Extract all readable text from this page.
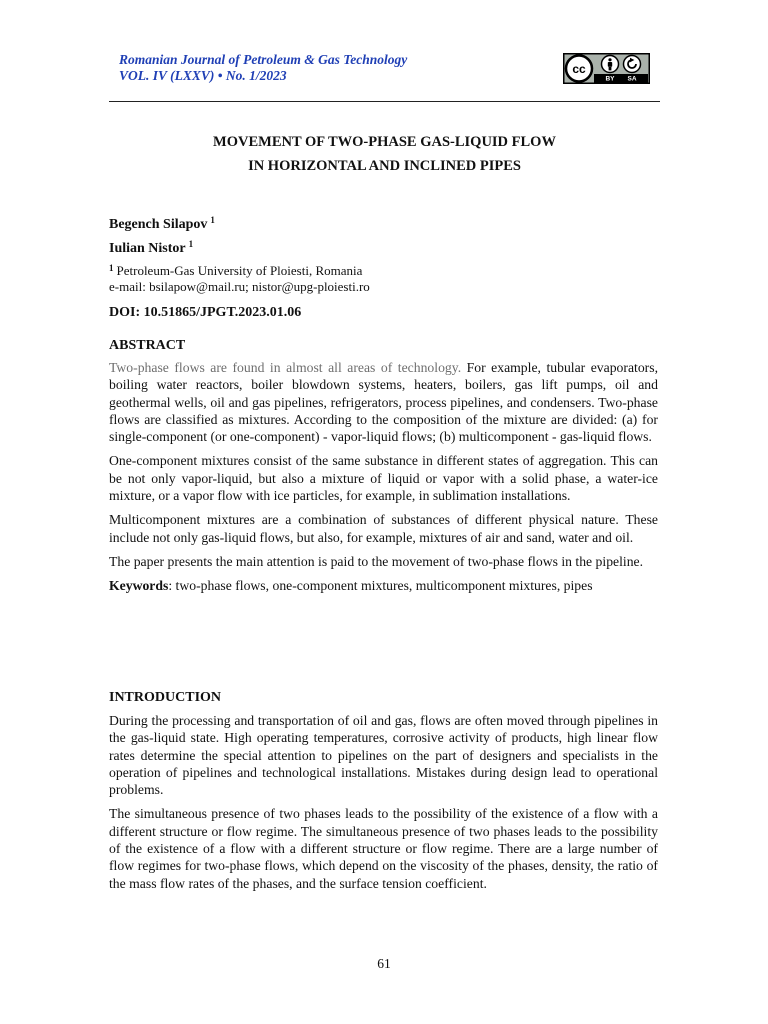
Romanian Journal of Petroleum & Gas Technology
VOL. IV (LXXV) • No. 1/2023	cc
BY SA
MOVEMENT OF TWO-PHASE GAS-LIQUID FLOW
IN HORIZONTAL AND INCLINED PIPES
Begench Silapov $^1$
Iulian Nistor $^1$
$^1$ Petroleum-Gas University of Ploiesti, Romania
e-mail: bsilapow@mail.ru; nistor@upg-ploiesti.ro
DOI: 10.51865/JPGT.2023.01.06
ABSTRACT

Two-phase flows are found in almost all areas of technology. For example, tubular evaporators, boiling water reactors, boiler blowdown systems, heaters, boilers, gas lift pumps, oil and geothermal wells, oil and gas pipelines, refrigerators, process pipelines, and condensers. Two-phase flows are classified as mixtures. According to the composition of the mixture are divided: (a) for single-component (or one-component) - vapor-liquid flows; (b) multicomponent - gas-liquid flows.

One-component mixtures consist of the same substance in different states of aggregation. This can be not only vapor-liquid, but also a mixture of liquid or vapor with a solid phase, a water-ice mixture, or a vapor flow with ice particles, for example, in sublimation installations.

Multicomponent mixtures are a combination of substances of different physical nature. These include not only gas-liquid flows, but also, for example, mixtures of air and sand, water and oil.

The paper presents the main attention is paid to the movement of two-phase flows in the pipeline.

Keywords: two-phase flows, one-component mixtures, multicomponent mixtures, pipes

INTRODUCTION

During the processing and transportation of oil and gas, flows are often moved through pipelines in the gas-liquid state. High operating temperatures, corrosive activity of products, high linear flow rates determine the special attention to pipelines on the part of designers and specialists in the operation of pipelines and technological installations. Mistakes during design lead to operational problems.

The simultaneous presence of two phases leads to the possibility of the existence of a flow with a different structure or flow regime. The simultaneous presence of two phases leads to the possibility of the existence of a flow with a different structure or flow regime. There are a large number of flow regimes for two-phase flows, which depend on the viscosity of the phases, density, the ratio of the mass flow rates of the phases, and the surface tension coefficient.

61
